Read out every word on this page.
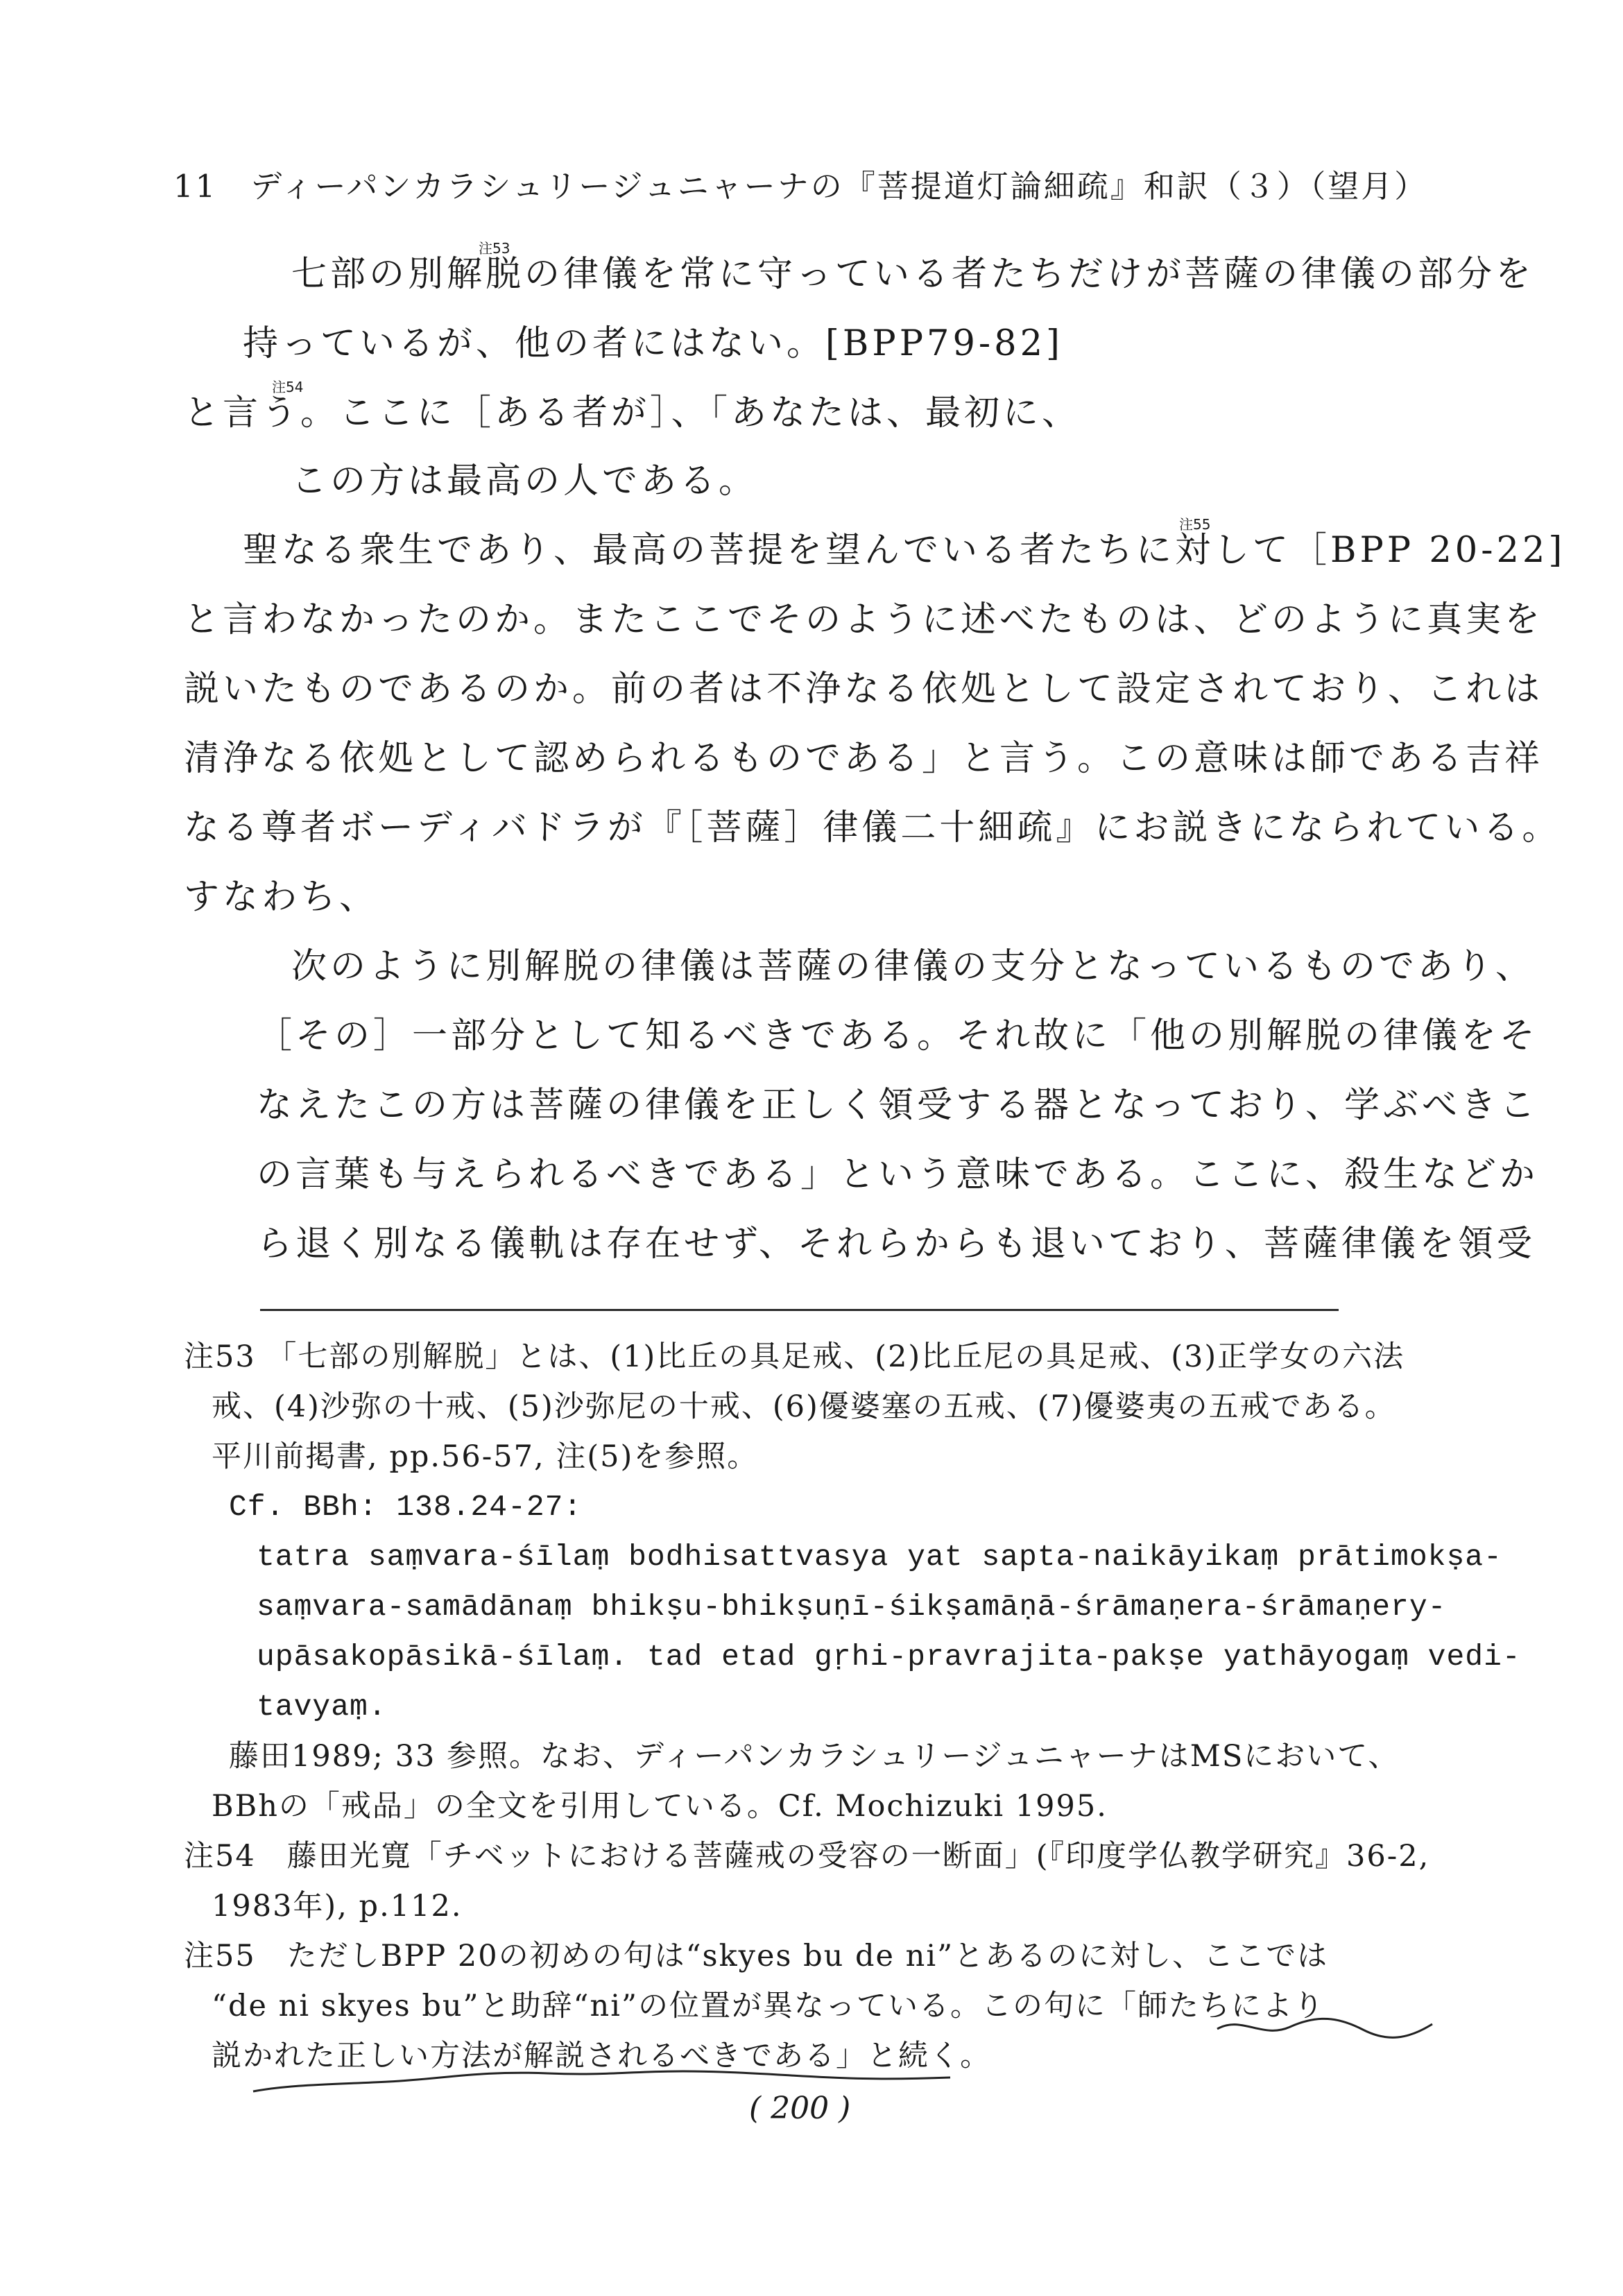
11　ディーパンカラシュリージュニャーナの『菩提道灯論細疏』和訳（３）（望月）
七部の別解脱の律儀を常に守っている者たちだけが菩薩の律儀の部分を
持っているが、他の者にはない。[BPP79-82]
と言う。ここに［ある者が］、「あなたは、最初に、
この方は最高の人である。
聖なる衆生であり、最高の菩提を望んでいる者たちに対して［BPP 20-22]
と言わなかったのか。またここでそのように述べたものは、どのように真実を
説いたものであるのか。前の者は不浄なる依処として設定されており、これは
清浄なる依処として認められるものである」と言う。この意味は師である吉祥
なる尊者ボーディバドラが『［菩薩］律儀二十細疏』にお説きになられている。
すなわち、
次のように別解脱の律儀は菩薩の律儀の支分となっているものであり、
［その］一部分として知るべきである。それ故に「他の別解脱の律儀をそ
なえたこの方は菩薩の律儀を正しく領受する器となっており、学ぶべきこ
の言葉も与えられるべきである」という意味である。ここに、殺生などか
ら退く別なる儀軌は存在せず、それらからも退いており、菩薩律儀を領受
注53
注54
注55
注53 「七部の別解脱」とは、(1)比丘の具足戒、(2)比丘尼の具足戒、(3)正学女の六法
戒、(4)沙弥の十戒、(5)沙弥尼の十戒、(6)優婆塞の五戒、(7)優婆夷の五戒である。
平川前掲書, pp.56-57, 注(5)を参照。
Cf. BBh: 138.24-27:
tatra saṃvara-śīlaṃ bodhisattvasya yat sapta-naikāyikaṃ prātimokṣa-
saṃvara-samādānaṃ bhikṣu-bhikṣuṇī-śikṣamāṇā-śrāmaṇera-śrāmaṇery-
upāsakopāsikā-śīlaṃ. tad etad gṛhi-pravrajita-pakṣe yathāyogaṃ vedi-
tavyaṃ.
藤田1989; 33 参照。なお、ディーパンカラシュリージュニャーナはMSにおいて、
BBhの「戒品」の全文を引用している。Cf. Mochizuki 1995.
注54　藤田光寛「チベットにおける菩薩戒の受容の一断面」(『印度学仏教学研究』36-2,
1983年), p.112.
注55　ただしBPP 20の初めの句は“skyes bu de ni”とあるのに対し、ここでは
“de ni skyes bu”と助辞“ni”の位置が異なっている。この句に「師たちにより
説かれた正しい方法が解説されるべきである」と続く。
( 200 )
